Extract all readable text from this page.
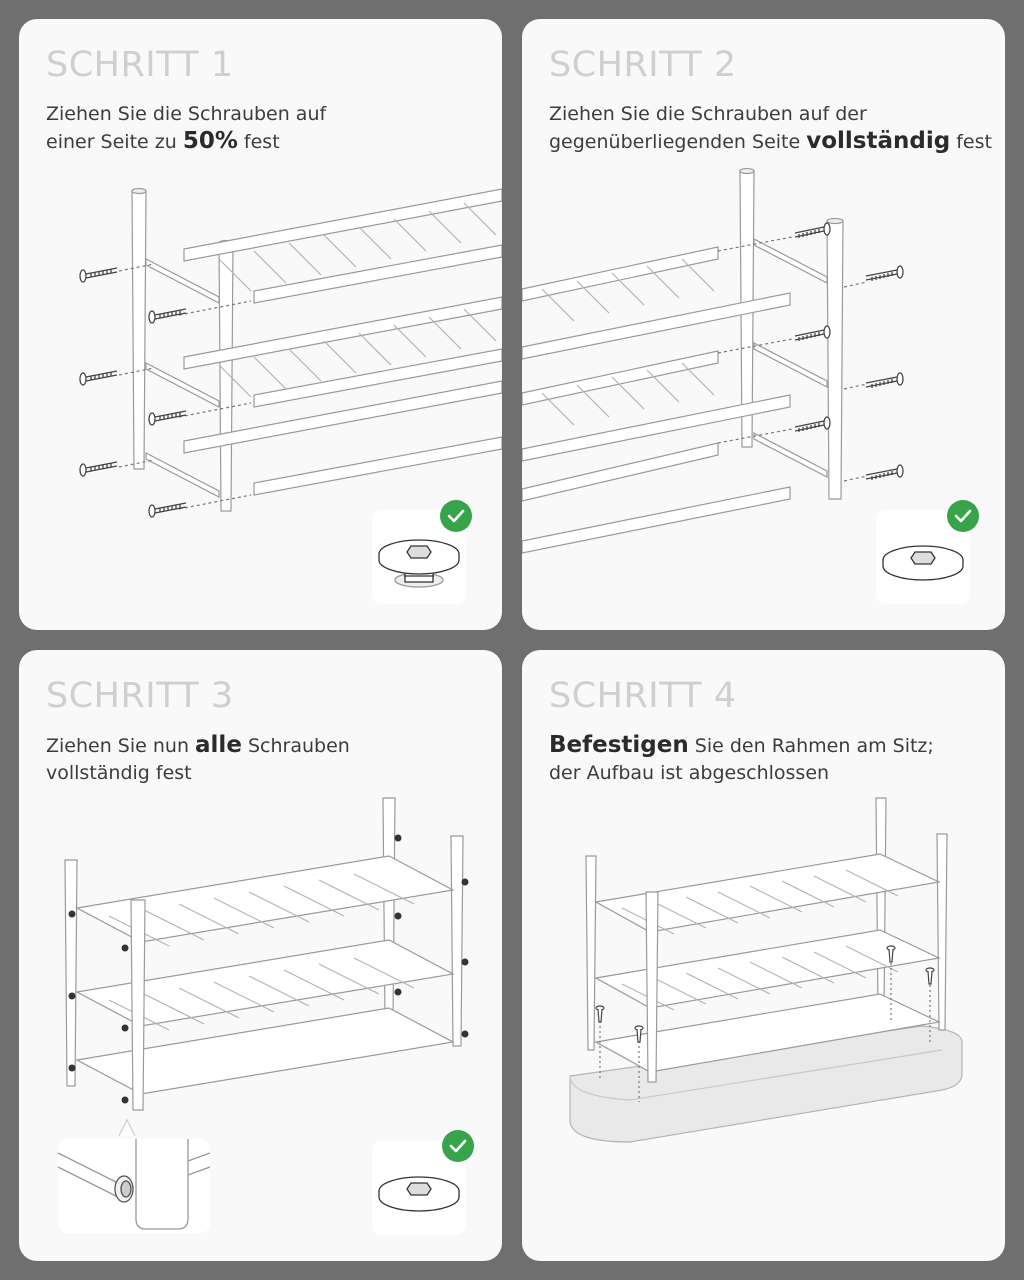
SCHRITT 1

Ziehen Sie die Schrauben auf
einer Seite zu 50% fest

SCHRITT 2

Ziehen Sie die Schrauben auf der
gegenüberliegenden Seite vollständig fest

SCHRITT 3

Ziehen Sie nun alle Schrauben
vollständig fest

SCHRITT 4

Befestigen Sie den Rahmen am Sitz;
der Aufbau ist abgeschlossen
